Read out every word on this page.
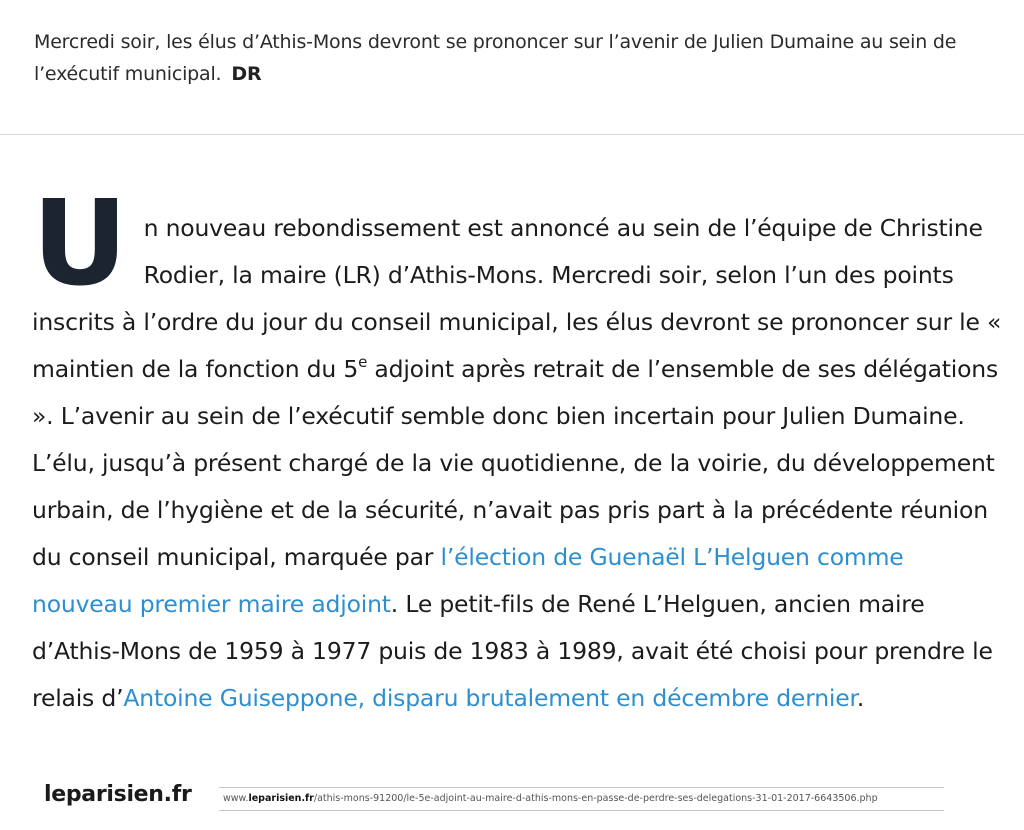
Mercredi soir, les élus d’Athis-Mons devront se prononcer sur l’avenir de Julien Dumaine au sein de l’exécutif municipal. DR
Un nouveau rebondissement est annoncé au sein de l’équipe de Christine Rodier, la maire (LR) d’Athis-Mons. Mercredi soir, selon l’un des points inscrits à l’ordre du jour du conseil municipal, les élus devront se prononcer sur le « maintien de la fonction du 5e adjoint après retrait de l’ensemble de ses délégations ». L’avenir au sein de l’exécutif semble donc bien incertain pour Julien Dumaine. L’élu, jusqu’à présent chargé de la vie quotidienne, de la voirie, du développement urbain, de l’hygiène et de la sécurité, n’avait pas pris part à la précédente réunion du conseil municipal, marquée par l’élection de Guenaël L’Helguen comme nouveau premier maire adjoint. Le petit-fils de René L’Helguen, ancien maire d’Athis-Mons de 1959 à 1977 puis de 1983 à 1989, avait été choisi pour prendre le relais d’Antoine Guiseppone, disparu brutalement en décembre dernier.
leparisien.fr	www.leparisien.fr/athis-mons-91200/le-5e-adjoint-au-maire-d-athis-mons-en-passe-de-perdre-ses-delegations-31-01-2017-6643506.php
